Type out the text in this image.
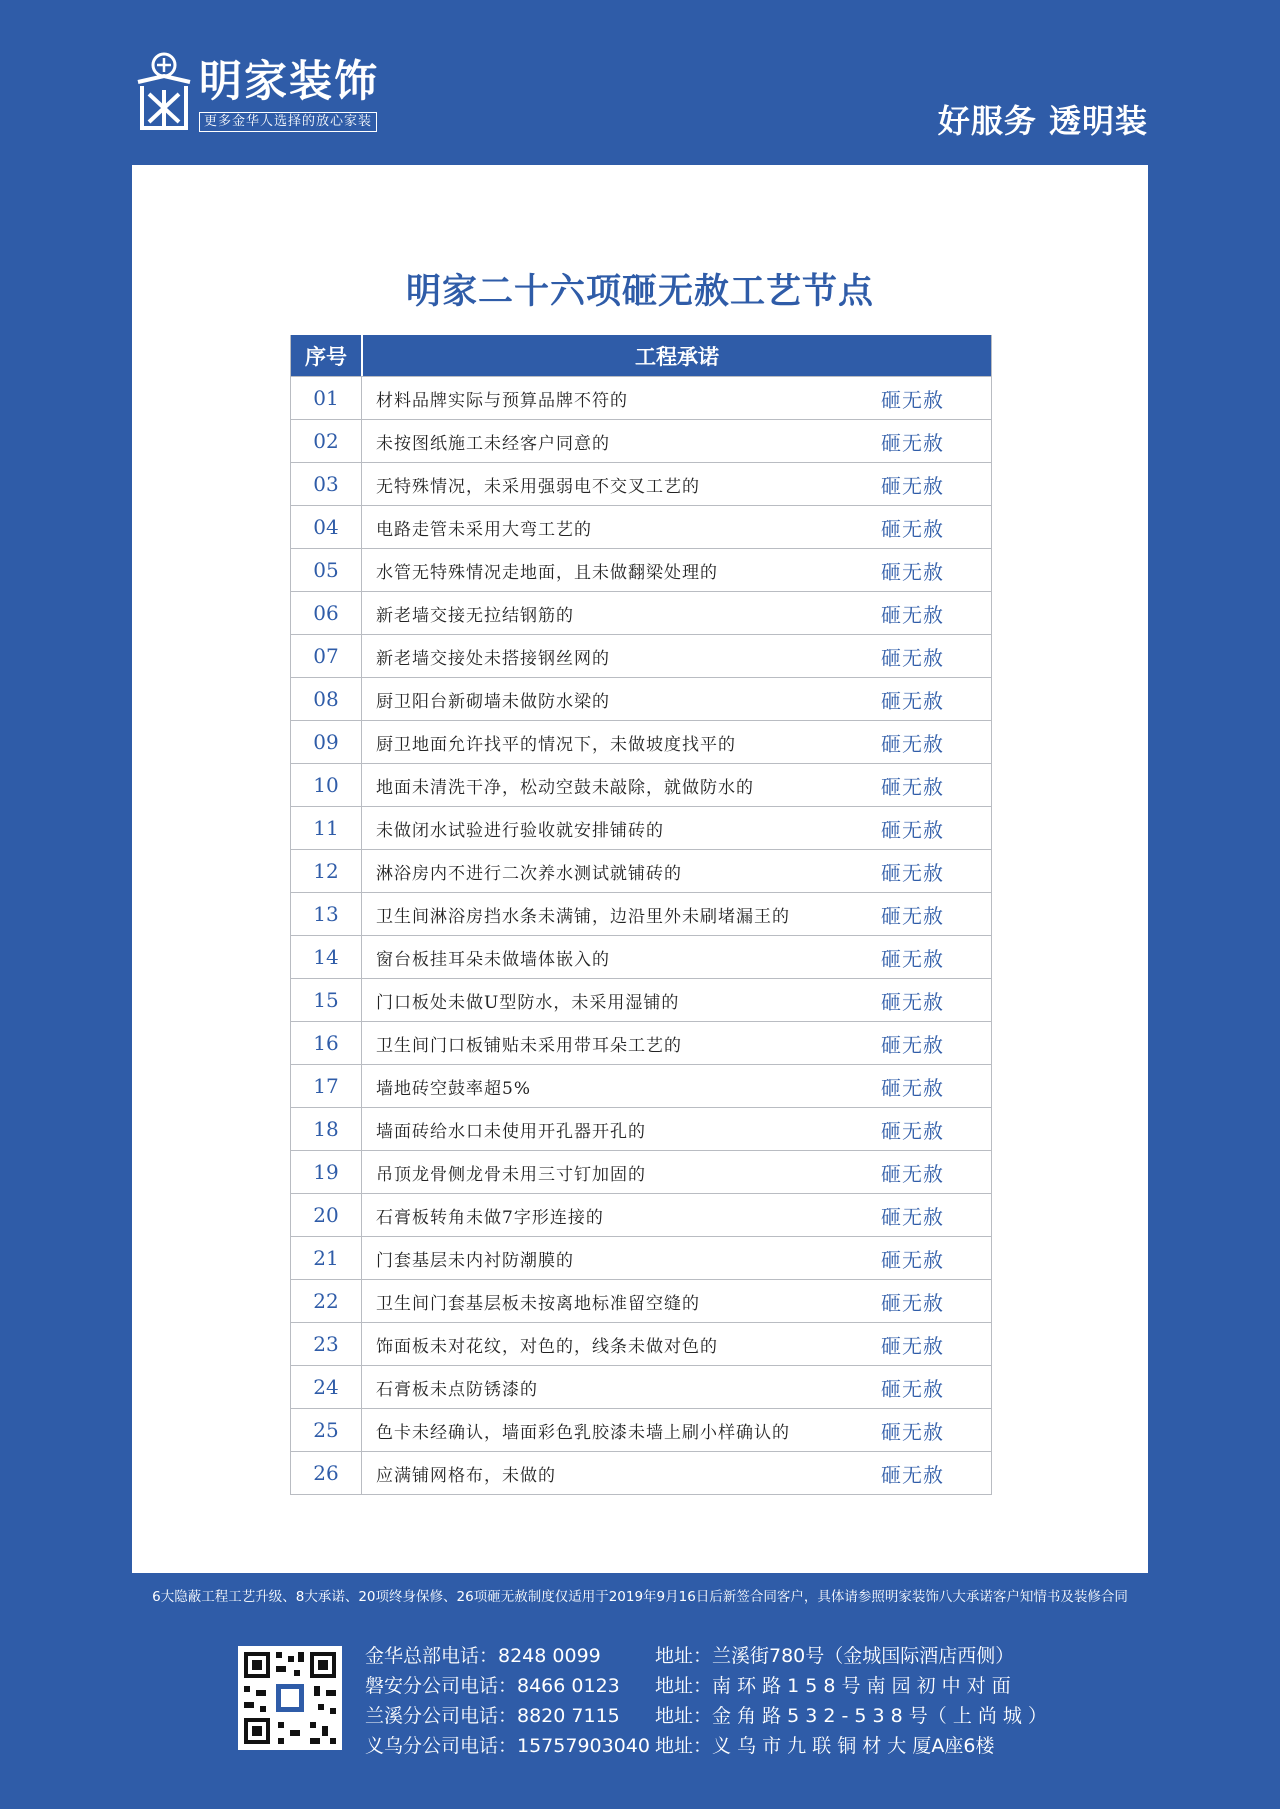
明家装饰
更多金华人选择的放心家装	好服务 透明装
明家二十六项砸无赦工艺节点
序号	工程承诺
01	材料品牌实际与预算品牌不符的	砸无赦
02	未按图纸施工未经客户同意的	砸无赦
03	无特殊情况，未采用强弱电不交叉工艺的	砸无赦
04	电路走管未采用大弯工艺的	砸无赦
05	水管无特殊情况走地面，且未做翻梁处理的	砸无赦
06	新老墙交接无拉结钢筋的	砸无赦
07	新老墙交接处未搭接钢丝网的	砸无赦
08	厨卫阳台新砌墙未做防水梁的	砸无赦
09	厨卫地面允许找平的情况下，未做坡度找平的	砸无赦
10	地面未清洗干净，松动空鼓未敲除，就做防水的	砸无赦
11	未做闭水试验进行验收就安排铺砖的	砸无赦
12	淋浴房内不进行二次养水测试就铺砖的	砸无赦
13	卫生间淋浴房挡水条未满铺，边沿里外未刷堵漏王的	砸无赦
14	窗台板挂耳朵未做墙体嵌入的	砸无赦
15	门口板处未做U型防水，未采用湿铺的	砸无赦
16	卫生间门口板铺贴未采用带耳朵工艺的	砸无赦
17	墙地砖空鼓率超5%	砸无赦
18	墙面砖给水口未使用开孔器开孔的	砸无赦
19	吊顶龙骨侧龙骨未用三寸钉加固的	砸无赦
20	石膏板转角未做7字形连接的	砸无赦
21	门套基层未内衬防潮膜的	砸无赦
22	卫生间门套基层板未按离地标准留空缝的	砸无赦
23	饰面板未对花纹，对色的，线条未做对色的	砸无赦
24	石膏板未点防锈漆的	砸无赦
25	色卡未经确认，墙面彩色乳胶漆未墙上刷小样确认的	砸无赦
26	应满铺网格布，未做的	砸无赦
6大隐蔽工程工艺升级、8大承诺、20项终身保修、26项砸无赦制度仅适用于2019年9月16日后新签合同客户，具体请参照明家装饰八大承诺客户知情书及装修合同
金华总部电话：8248 0099	地址：兰溪街780号（金城国际酒店西侧）
磐安分公司电话：8466 0123 地址：南 环 路 1 5 8 号 南 园 初 中 对 面
兰溪分公司电话：8820 7115 地址：金 角 路 5 3 2 - 5 3 8 号（ 上 尚 城 ）
义乌分公司电话：15757903040 地址：义 乌 市 九 联 铜 材 大 厦A座6楼
